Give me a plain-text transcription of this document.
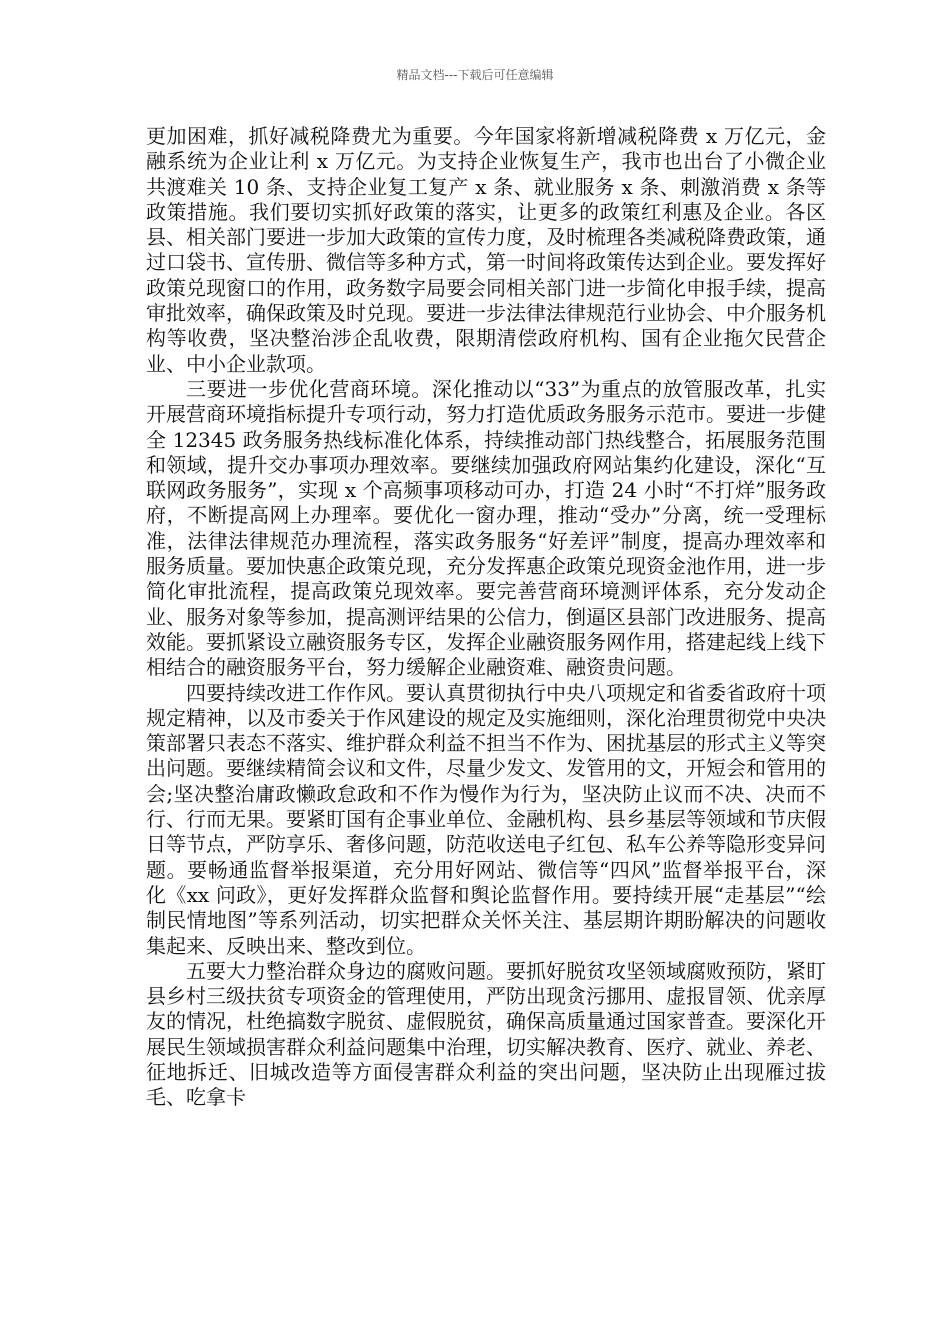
精品文档---下载后可任意编辑

更加困难，抓好减税降费尤为重要。今年国家将新增减税降费 x 万亿元，金融系统为企业让利 x 万亿元。为支持企业恢复生产，我市也出台了小微企业共渡难关 10 条、支持企业复工复产 x 条、就业服务 x 条、刺激消费 x 条等政策措施。我们要切实抓好政策的落实，让更多的政策红利惠及企业。各区县、相关部门要进一步加大政策的宣传力度，及时梳理各类减税降费政策，通过口袋书、宣传册、微信等多种方式，第一时间将政策传达到企业。要发挥好政策兑现窗口的作用，政务数字局要会同相关部门进一步简化申报手续，提高审批效率，确保政策及时兑现。要进一步法律法律规范行业协会、中介服务机构等收费，坚决整治涉企乱收费，限期清偿政府机构、国有企业拖欠民营企业、中小企业款项。

三要进一步优化营商环境。深化推动以“33”为重点的放管服改革，扎实开展营商环境指标提升专项行动，努力打造优质政务服务示范市。要进一步健全 12345 政务服务热线标准化体系，持续推动部门热线整合，拓展服务范围和领域，提升交办事项办理效率。要继续加强政府网站集约化建设，深化“互联网政务服务”，实现 x 个高频事项移动可办，打造 24 小时“不打烊”服务政府，不断提高网上办理率。要优化一窗办理，推动“受办”分离，统一受理标准，法律法律规范办理流程，落实政务服务“好差评”制度，提高办理效率和服务质量。要加快惠企政策兑现，充分发挥惠企政策兑现资金池作用，进一步简化审批流程，提高政策兑现效率。要完善营商环境测评体系，充分发动企业、服务对象等参加，提高测评结果的公信力，倒逼区县部门改进服务、提高效能。要抓紧设立融资服务专区，发挥企业融资服务网作用，搭建起线上线下相结合的融资服务平台，努力缓解企业融资难、融资贵问题。

四要持续改进工作作风。要认真贯彻执行中央八项规定和省委省政府十项规定精神，以及市委关于作风建设的规定及实施细则，深化治理贯彻党中央决策部署只表态不落实、维护群众利益不担当不作为、困扰基层的形式主义等突出问题。要继续精简会议和文件，尽量少发文、发管用的文，开短会和管用的会;坚决整治庸政懒政怠政和不作为慢作为行为，坚决防止议而不决、决而不行、行而无果。要紧盯国有企事业单位、金融机构、县乡基层等领域和节庆假日等节点，严防享乐、奢侈问题，防范收送电子红包、私车公养等隐形变异问题。要畅通监督举报渠道，充分用好网站、微信等“四风”监督举报平台，深化《xx 问政》，更好发挥群众监督和舆论监督作用。要持续开展“走基层”“绘制民情地图”等系列活动，切实把群众关怀关注、基层期许期盼解决的问题收集起来、反映出来、整改到位。

五要大力整治群众身边的腐败问题。要抓好脱贫攻坚领域腐败预防，紧盯县乡村三级扶贫专项资金的管理使用，严防出现贪污挪用、虚报冒领、优亲厚友的情况，杜绝搞数字脱贫、虚假脱贫，确保高质量通过国家普查。要深化开展民生领域损害群众利益问题集中治理，切实解决教育、医疗、就业、养老、征地拆迁、旧城改造等方面侵害群众利益的突出问题，坚决防止出现雁过拔毛、吃拿卡
